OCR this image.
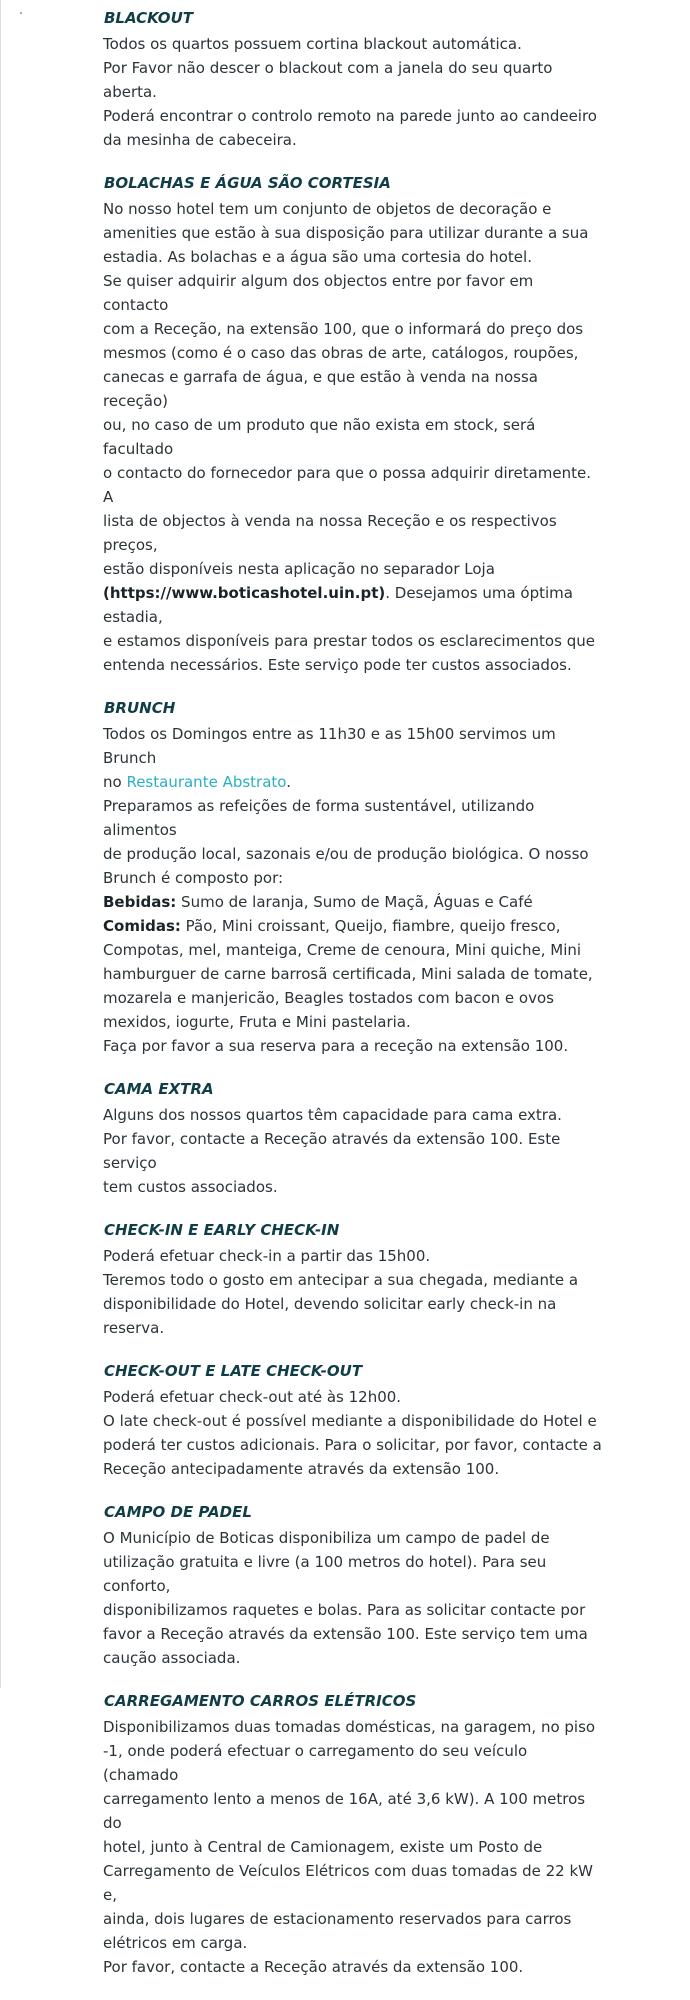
BLACKOUT

Todos os quartos possuem cortina blackout automática.

Por Favor não descer o blackout com a janela do seu quarto

aberta.

Poderá encontrar o controlo remoto na parede junto ao candeeiro

da mesinha de cabeceira.

BOLACHAS E ÁGUA SÃO CORTESIA

No nosso hotel tem um conjunto de objetos de decoração e

amenities que estão à sua disposição para utilizar durante a sua

estadia. As bolachas e a água são uma cortesia do hotel.

Se quiser adquirir algum dos objectos entre por favor em contacto

com a Receção, na extensão 100, que o informará do preço dos

mesmos (como é o caso das obras de arte, catálogos, roupões,

canecas e garrafa de água, e que estão à venda na nossa receção)

ou, no caso de um produto que não exista em stock, será facultado

o contacto do fornecedor para que o possa adquirir diretamente. A

lista de objectos à venda na nossa Receção e os respectivos preços,

estão disponíveis nesta aplicação no separador Loja

(https://www.boticashotel.uin.pt). Desejamos uma óptima estadia,

e estamos disponíveis para prestar todos os esclarecimentos que

entenda necessários. Este serviço pode ter custos associados.

BRUNCH

Todos os Domingos entre as 11h30 e as 15h00 servimos um Brunch

no Restaurante Abstrato.

Preparamos as refeições de forma sustentável, utilizando alimentos

de produção local, sazonais e/ou de produção biológica. O nosso

Brunch é composto por:

Bebidas: Sumo de laranja, Sumo de Maçã, Águas e Café

Comidas: Pão, Mini croissant, Queijo, fiambre, queijo fresco,

Compotas, mel, manteiga, Creme de cenoura, Mini quiche, Mini

hamburguer de carne barrosã certificada, Mini salada de tomate,

mozarela e manjericão, Beagles tostados com bacon e ovos

mexidos, iogurte, Fruta e Mini pastelaria.

Faça por favor a sua reserva para a receção na extensão 100.

CAMA EXTRA

Alguns dos nossos quartos têm capacidade para cama extra.

Por favor, contacte a Receção através da extensão 100. Este serviço

tem custos associados.

CHECK-IN E EARLY CHECK-IN

Poderá efetuar check-in a partir das 15h00.

Teremos todo o gosto em antecipar a sua chegada, mediante a

disponibilidade do Hotel, devendo solicitar early check-in na

reserva.

CHECK-OUT E LATE CHECK-OUT

Poderá efetuar check-out até às 12h00.

O late check-out é possível mediante a disponibilidade do Hotel e

poderá ter custos adicionais. Para o solicitar, por favor, contacte a

Receção antecipadamente através da extensão 100.

CAMPO DE PADEL

O Município de Boticas disponibiliza um campo de padel de

utilização gratuita e livre (a 100 metros do hotel). Para seu conforto,

disponibilizamos raquetes e bolas. Para as solicitar contacte por

favor a Receção através da extensão 100. Este serviço tem uma

caução associada.

CARREGAMENTO CARROS ELÉTRICOS

Disponibilizamos duas tomadas domésticas, na garagem, no piso

-1, onde poderá efectuar o carregamento do seu veículo (chamado

carregamento lento a menos de 16A, até 3,6 kW). A 100 metros do

hotel, junto à Central de Camionagem, existe um Posto de

Carregamento de Veículos Elétricos com duas tomadas de 22 kW e,

ainda, dois lugares de estacionamento reservados para carros

elétricos em carga.

Por favor, contacte a Receção através da extensão 100.
